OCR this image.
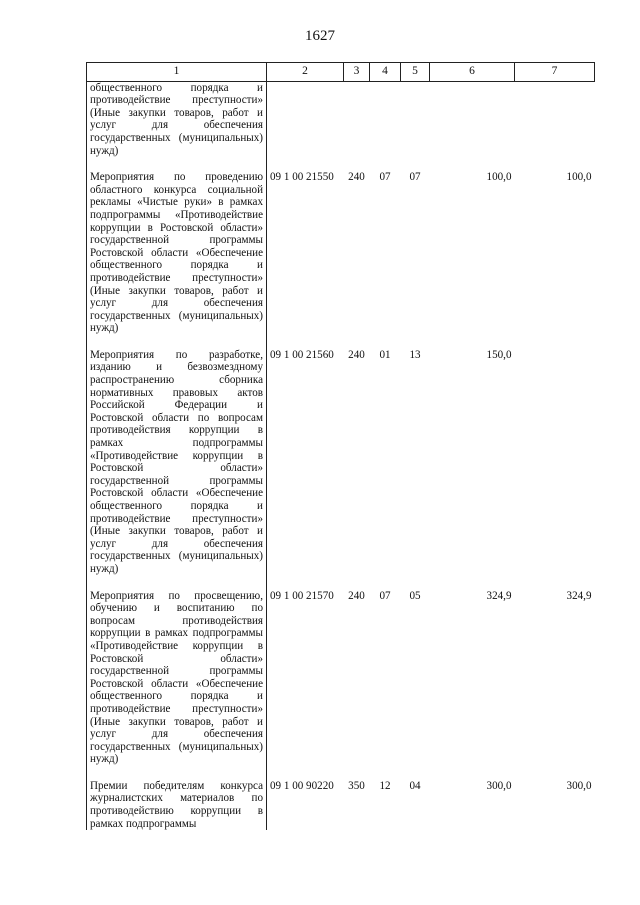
1627
1	2	3	4	5	6	7
общественного порядка и противодействие преступности» (Иные закупки товаров, работ и услуг для обеспечения государственных (муниципальных) нужд)						
Мероприятия по проведению областного конкурса социальной рекламы «Чистые руки» в рамках подпрограммы «Противодействие коррупции в Ростовской области» государственной программы Ростовской области «Обеспечение общественного порядка и противодействие преступности» (Иные закупки товаров, работ и услуг для обеспечения государственных (муниципальных) нужд)	09 1 00 21550	240	07	07	100,0	100,0
Мероприятия по разработке, изданию и безвозмездному распространению сборника нормативных правовых актов Российской Федерации и Ростовской области по вопросам противодействия коррупции в рамках подпрограммы «Противодействие коррупции в Ростовской области» государственной программы Ростовской области «Обеспечение общественного порядка и противодействие преступности» (Иные закупки товаров, работ и услуг для обеспечения государственных (муниципальных) нужд)	09 1 00 21560	240	01	13	150,0	
Мероприятия по просвещению, обучению и воспитанию по вопросам противодействия коррупции в рамках подпрограммы «Противодействие коррупции в Ростовской области» государственной программы Ростовской области «Обеспечение общественного порядка и противодействие преступности» (Иные закупки товаров, работ и услуг для обеспечения государственных (муниципальных) нужд)	09 1 00 21570	240	07	05	324,9	324,9
Премии победителям конкурса журналистских материалов по противодействию коррупции в рамках подпрограммы	09 1 00 90220	350	12	04	300,0	300,0
